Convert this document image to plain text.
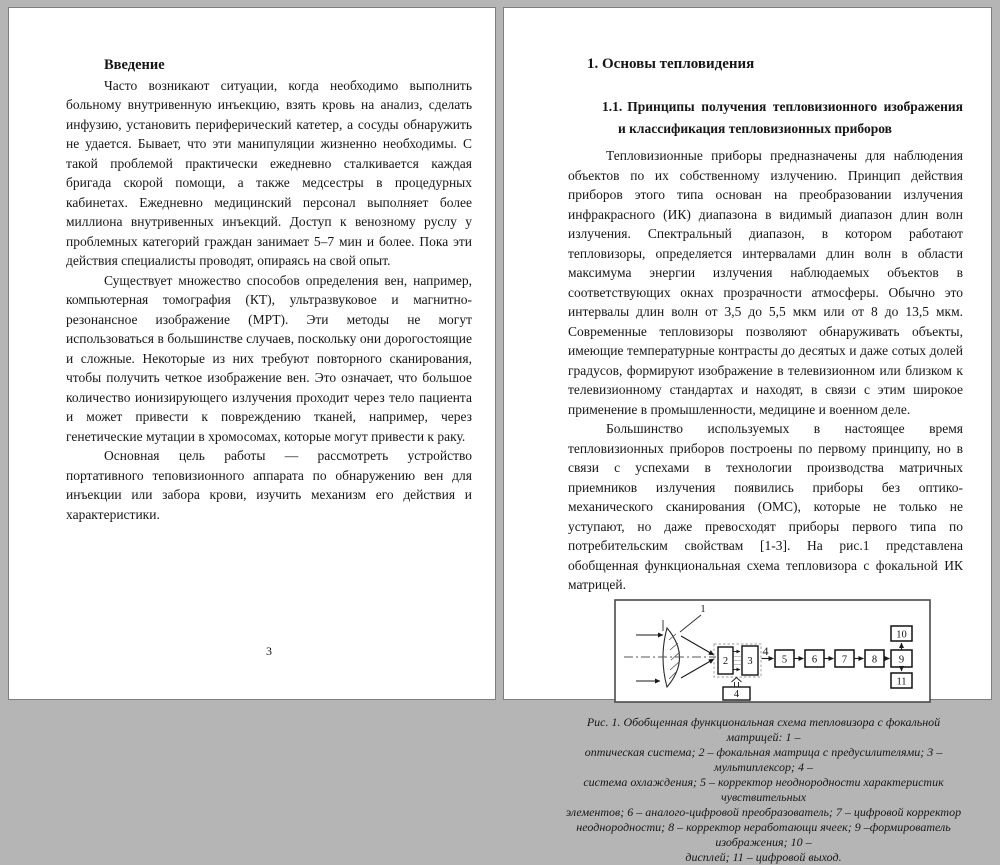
Введение

Часто возникают ситуации, когда необходимо выполнить больному внутривенную инъекцию, взять кровь на анализ, сделать инфузию, установить периферический катетер, а сосуды обнаружить не удается. Бывает, что эти манипуляции жизненно необходимы. С такой проблемой практически ежедневно сталкивается каждая бригада скорой помощи, а также медсестры в процедурных кабинетах. Ежедневно медицинский персонал выполняет более миллиона внутривенных инъекций. Доступ к венозному руслу у проблемных категорий граждан занимает 5–7 мин и более. Пока эти действия специалисты проводят, опираясь на свой опыт.

Существует множество способов определения вен, например, компьютерная томография (КТ), ультразвуковое и магнитно-резонансное изображение (МРТ). Эти методы не могут использоваться в большинстве случаев, поскольку они дорогостоящие и сложные. Некоторые из них требуют повторного сканирования, чтобы получить четкое изображение вен. Это означает, что большое количество ионизирующего излучения проходит через тело пациента и может привести к повреждению тканей, например, через генетические мутации в хромосомах, которые могут привести к раку.

Основная цель работы — рассмотреть устройство портативного теповизионного аппарата по обнаружению вен для инъекции или забора крови, изучить механизм его действия и характеристики.

3
1. Основы тепловидения
1.1. Принципы получения тепловизионного изображения и классификация тепловизионных приборов

Тепловизионные приборы предназначены для наблюдения объектов по их собственному излучению. Принцип действия приборов этого типа основан на преобразовании излучения инфракрасного (ИК) диапазона в видимый диапазон длин волн излучения. Спектральный диапазон, в котором работают тепловизоры, определяется интервалами длин волн в области максимума энергии излучения наблюдаемых объектов в соответствующих окнах прозрачности атмосферы. Обычно это интервалы длин волн от 3,5 до 5,5 мкм или от 8 до 13,5 мкм. Современные тепловизоры позволяют обнаруживать объекты, имеющие температурные контрасты до десятых и даже сотых долей градусов, формируют изображение в телевизионном или близком к телевизионному стандартах и находят, в связи с этим широкое применение в промышленности, медицине и военном деле.

Большинство используемых в настоящее время тепловизионных приборов построены по первому принципу, но в связи с успехами в технологии производства матричных приемников излучения появились приборы без оптико-механического сканирования (ОМС), которые не только не уступают, но даже превосходят приборы первого типа по потребительским свойствам [1-3]. На рис.1 представлена обобщенная функциональная схема тепловизора с фокальной ИК матрицей.

1
2 3
4
5 6 7 8 9
10
11
Рис. 1. Обобщенная функциональная схема тепловизора с фокальной матрицей: 1 –
оптическая система; 2 – фокальная матрица с предусилителями; 3 – мультиплексор; 4 –
система охлаждения; 5 – корректор неоднородности характеристик чувствительных
элементов; 6 – аналого-цифровой преобразователь; 7 – цифровой корректор
неоднородности; 8 – корректор неработающи ячеек; 9 –формирователь изображения; 10 –
дисплей; 11 – цифровой выход.
4
